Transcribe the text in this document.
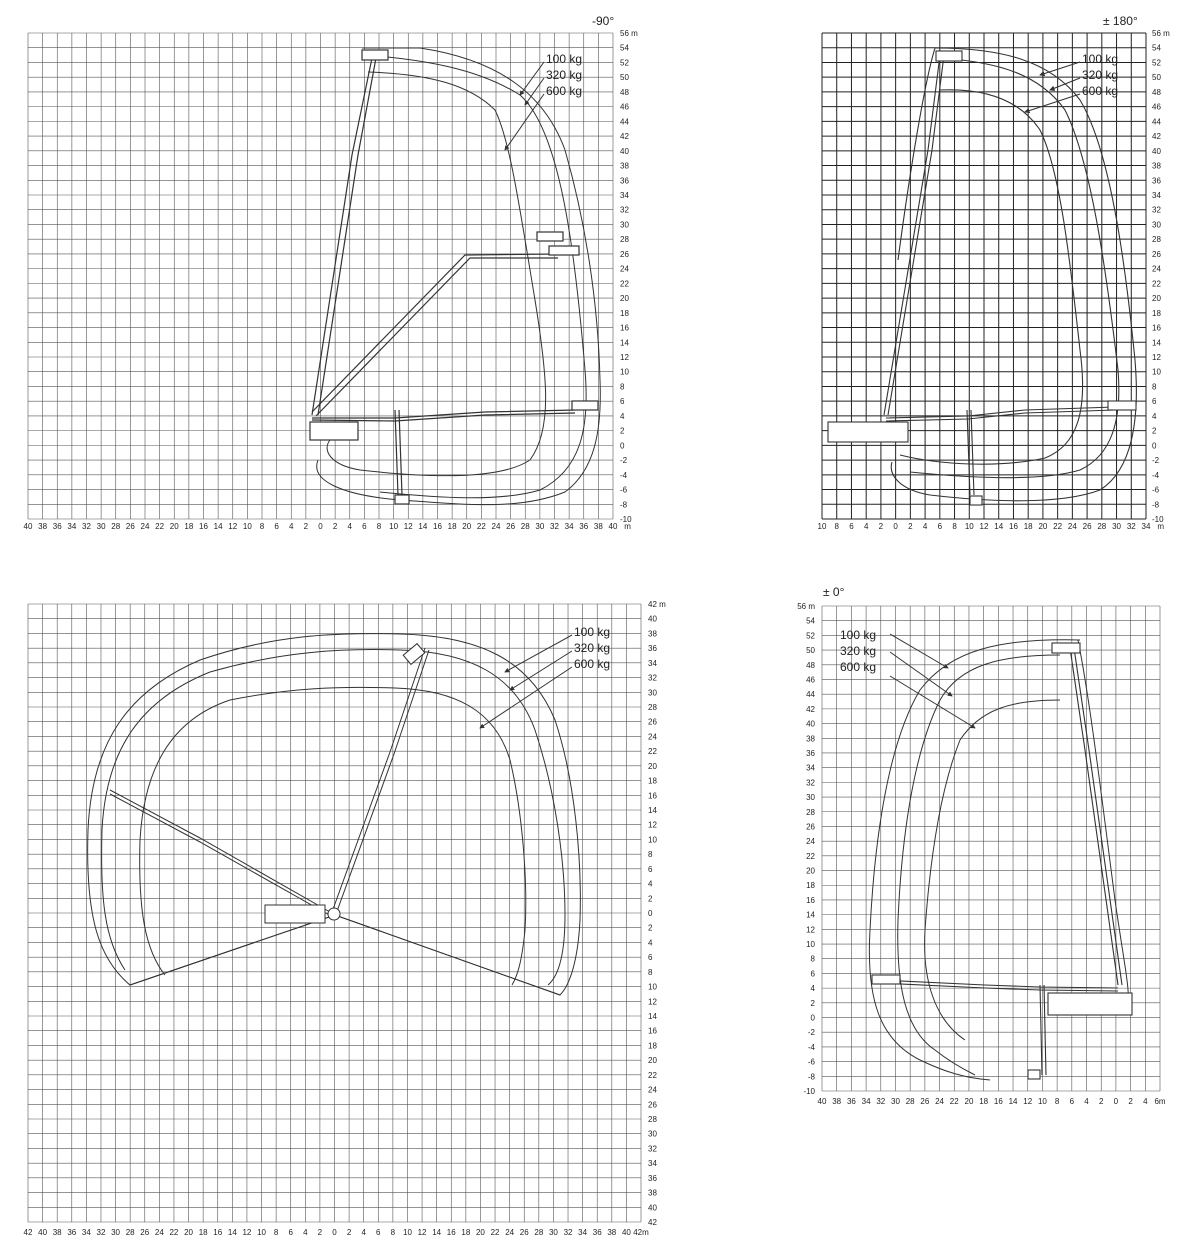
-90°
40 38 36 34 32 30 28 26 24 22 20 18 16 14 12 10 8 6 4 2 0 2 4 6 8 10 12 14 16 18 20 22 24 26 28 30 32 34 36 38 40 m
56 m
54
52
50
48
46
44
42
40
38
36
34
32
30
28
26
24
22
20
18
16
14
12
10
8
6
4
2
0
-2
-4
-6
-8
-10
100 kg
320 kg
600 kg
± 180°
10 8 6 4 2 0 2 4 6 8 10 12 14 16 18 20 22 24 26 28 30 32 34 m
56 m
54
52
50
48
46
44
42
40
38
36
34
32
30
28
26
24
22
20
18
16
14
12
10
8
6
4
2
0
-2
-4
-6
-8
-10
100 kg
320 kg
600 kg
42 40 38 36 34 32 30 28 26 24 22 20 18 16 14 12 10 8 6 4 2 0 2 4 6 8 10 12 14 16 18 20 22 24 26 28 30 32 34 36 38 40 42m
42 m
40
38
36
34
32
30
28
26
24
22
20
18
16
14
12
10
8
6
4
2
0
2
4
6
8
10
12
14
16
18
20
22
24
26
28
30
32
34
36
38
40
42
100 kg
320 kg
600 kg
± 0°
40 38 36 34 32 30 28 26 24 22 20 18 16 14 12 10 8 6 4 2 0 2 4 6m
56 m
54
52
50
48
46
44
42
40
38
36
34
32
30
28
26
24
22
20
18
16
14
12
10
8
6
4
2
0
-2
-4
-6
-8
-10
100 kg
320 kg
600 kg
